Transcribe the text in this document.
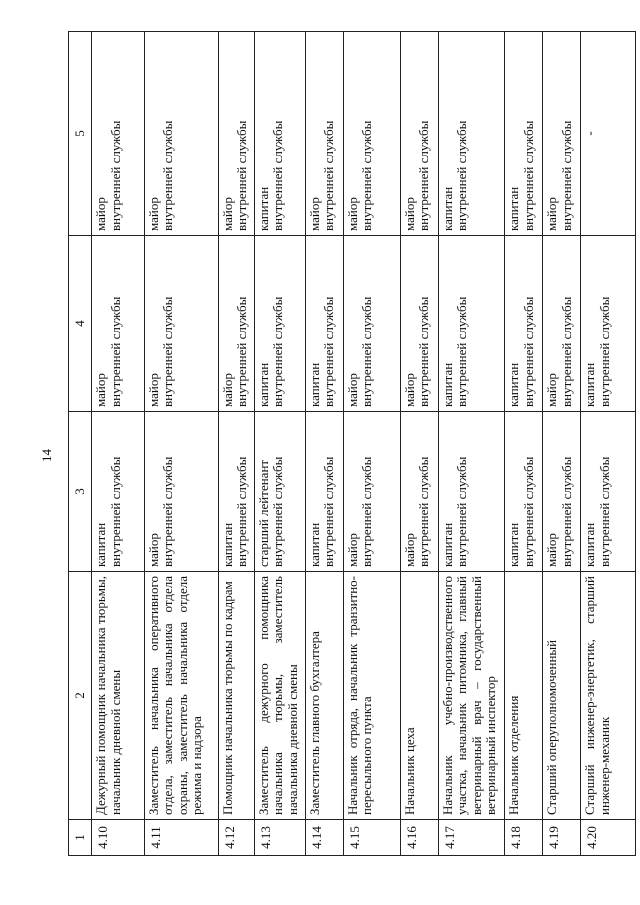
14
1	2	3	4	5
4.10	Дежурный помощник начальника тюрьмы, начальник дневной смены	капитан внутренней службы	майор внутренней службы	майор внутренней службы

4.11	Заместитель начальника оперативного отдела, заместитель начальника отдела охраны, заместитель начальника отдела режима и надзора	майор внутренней службы	майор внутренней службы	майор внутренней службы

4.12	Помощник начальника тюрьмы по кадрам	капитан внутренней службы	майор внутренней службы	майор внутренней службы

4.13	Заместитель дежурного помощника начальника тюрьмы, заместитель начальника дневной смены	старший лейтенант внутренней службы	капитан внутренней службы	капитан внутренней службы

4.14	Заместитель главного бухгалтера	капитан внутренней службы	капитан внутренней службы	майор внутренней службы

4.15	Начальник отряда, начальник транзитно-пересыльного пункта	майор внутренней службы	майор внутренней службы	майор внутренней службы

4.16	Начальник цеха	майор внутренней службы	майор внутренней службы	майор внутренней службы

4.17	Начальник учебно-производственного участка, начальник питомника, главный ветеринарный врач – государственный ветеринарный инспектор	капитан внутренней службы	капитан внутренней службы	капитан внутренней службы

4.18	Начальник отделения	капитан внутренней службы	капитан внутренней службы	капитан внутренней службы

4.19	Старший оперуполномоченный	майор внутренней службы	майор внутренней службы	майор внутренней службы

4.20	Старший инженер-энергетик, старший инженер-механик	капитан внутренней службы	капитан внутренней службы	-
